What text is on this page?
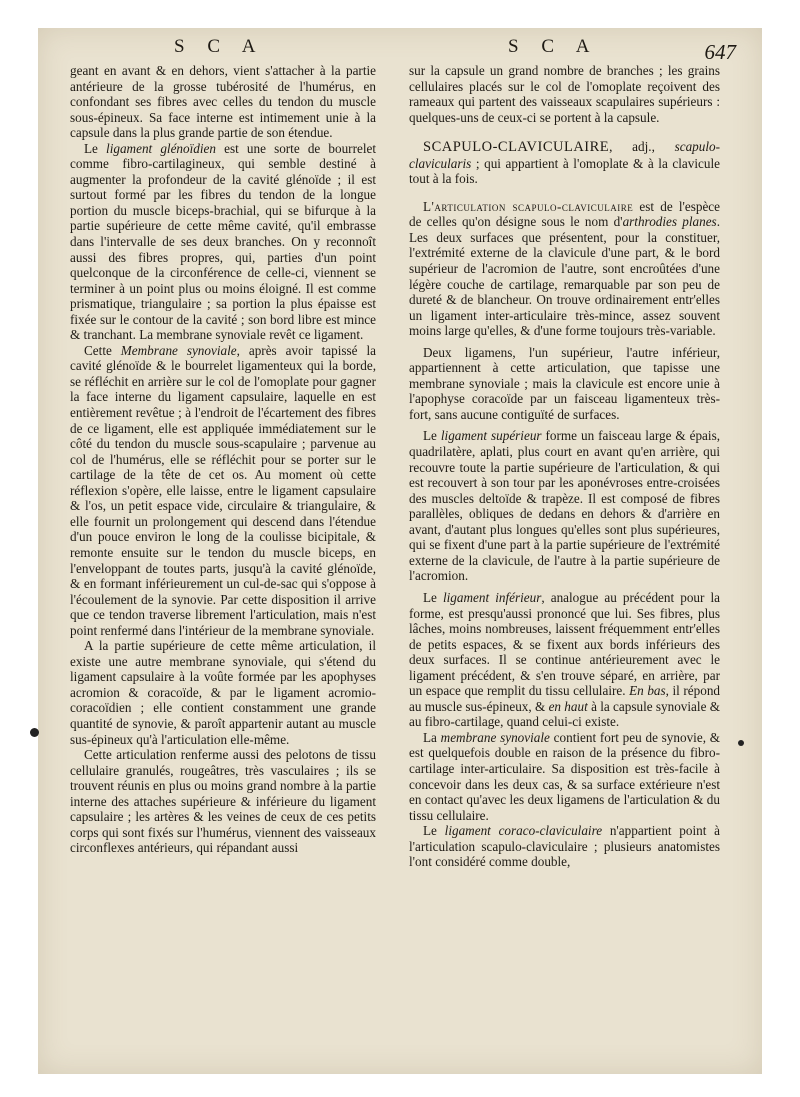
S C A	S C A	647

geant en avant & en dehors, vient s'attacher à la partie antérieure de la grosse tubérosité de l'humérus, en confondant ses fibres avec celles du tendon du muscle sous-épineux. Sa face interne est intimement unie à la capsule dans la plus grande partie de son étendue.

Le ligament glénoïdien est une sorte de bourrelet comme fibro-cartilagineux, qui semble destiné à augmenter la profondeur de la cavité glénoïde ; il est surtout formé par les fibres du tendon de la longue portion du muscle biceps-brachial, qui se bifurque à la partie supérieure de cette même cavité, qu'il embrasse dans l'intervalle de ses deux branches. On y reconnoît aussi des fibres propres, qui, parties d'un point quelconque de la circonférence de celle-ci, viennent se terminer à un point plus ou moins éloigné. Il est comme prismatique, triangulaire ; sa portion la plus épaisse est fixée sur le contour de la cavité ; son bord libre est mince & tranchant. La membrane synoviale revêt ce ligament.

Cette Membrane synoviale, après avoir tapissé la cavité glénoïde & le bourrelet ligamenteux qui la borde, se réfléchit en arrière sur le col de l'omoplate pour gagner la face interne du ligament capsulaire, laquelle en est entièrement revêtue ; à l'endroit de l'écartement des fibres de ce ligament, elle est appliquée immédiatement sur le côté du tendon du muscle sous-scapulaire ; parvenue au col de l'humérus, elle se réfléchit pour se porter sur le cartilage de la tête de cet os. Au moment où cette réflexion s'opère, elle laisse, entre le ligament capsulaire & l'os, un petit espace vide, circulaire & triangulaire, & elle fournit un prolongement qui descend dans l'étendue d'un pouce environ le long de la coulisse bicipitale, & remonte ensuite sur le tendon du muscle biceps, en l'enveloppant de toutes parts, jusqu'à la cavité glénoïde, & en formant inférieurement un cul-de-sac qui s'oppose à l'écoulement de la synovie. Par cette disposition il arrive que ce tendon traverse librement l'articulation, mais n'est point renfermé dans l'intérieur de la membrane synoviale.

A la partie supérieure de cette même articulation, il existe une autre membrane synoviale, qui s'étend du ligament capsulaire à la voûte formée par les apophyses acromion & coracoïde, & par le ligament acromio-coracoïdien ; elle contient constamment une grande quantité de synovie, & paroît appartenir autant au muscle sus-épineux qu'à l'articulation elle-même.

Cette articulation renferme aussi des pelotons de tissu cellulaire granulés, rougeâtres, très vasculaires ; ils se trouvent réunis en plus ou moins grand nombre à la partie interne des attaches supérieure & inférieure du ligament capsulaire ; les artères & les veines de ceux de ces petits corps qui sont fixés sur l'humérus, viennent des vaisseaux circonflexes antérieurs, qui répandant aussi

sur la capsule un grand nombre de branches ; les grains cellulaires placés sur le col de l'omoplate reçoivent des rameaux qui partent des vaisseaux scapulaires supérieurs : quelques-uns de ceux-ci se portent à la capsule.

SCAPULO-CLAVICULAIRE, adj., scapulo-clavicularis ; qui appartient à l'omoplate & à la clavicule tout à la fois.

L'articulation scapulo-claviculaire est de l'espèce de celles qu'on désigne sous le nom d'arthrodies planes. Les deux surfaces que présentent, pour la constituer, l'extrémité externe de la clavicule d'une part, & le bord supérieur de l'acromion de l'autre, sont encroûtées d'une légère couche de cartilage, remarquable par son peu de dureté & de blancheur. On trouve ordinairement entr'elles un ligament inter-articulaire très-mince, assez souvent moins large qu'elles, & d'une forme toujours très-variable.

Deux ligamens, l'un supérieur, l'autre inférieur, appartiennent à cette articulation, que tapisse une membrane synoviale ; mais la clavicule est encore unie à l'apophyse coracoïde par un faisceau ligamenteux très-fort, sans aucune contiguïté de surfaces.

Le ligament supérieur forme un faisceau large & épais, quadrilatère, aplati, plus court en avant qu'en arrière, qui recouvre toute la partie supérieure de l'articulation, & qui est recouvert à son tour par les aponévroses entre-croisées des muscles deltoïde & trapèze. Il est composé de fibres parallèles, obliques de dedans en dehors & d'arrière en avant, d'autant plus longues qu'elles sont plus supérieures, qui se fixent d'une part à la partie supérieure de l'extrémité externe de la clavicule, de l'autre à la partie supérieure de l'acromion.

Le ligament inférieur, analogue au précédent pour la forme, est presqu'aussi prononcé que lui. Ses fibres, plus lâches, moins nombreuses, laissent fréquemment entr'elles de petits espaces, & se fixent aux bords inférieurs des deux surfaces. Il se continue antérieurement avec le ligament précédent, & s'en trouve séparé, en arrière, par un espace que remplit du tissu cellulaire. En bas, il répond au muscle sus-épineux, & en haut à la capsule synoviale & au fibro-cartilage, quand celui-ci existe.

La membrane synoviale contient fort peu de synovie, & est quelquefois double en raison de la présence du fibro-cartilage inter-articulaire. Sa disposition est très-facile à concevoir dans les deux cas, & sa surface extérieure n'est en contact qu'avec les deux ligamens de l'articulation & du tissu cellulaire.

Le ligament coraco-claviculaire n'appartient point à l'articulation scapulo-claviculaire ; plusieurs anatomistes l'ont considéré comme double,
